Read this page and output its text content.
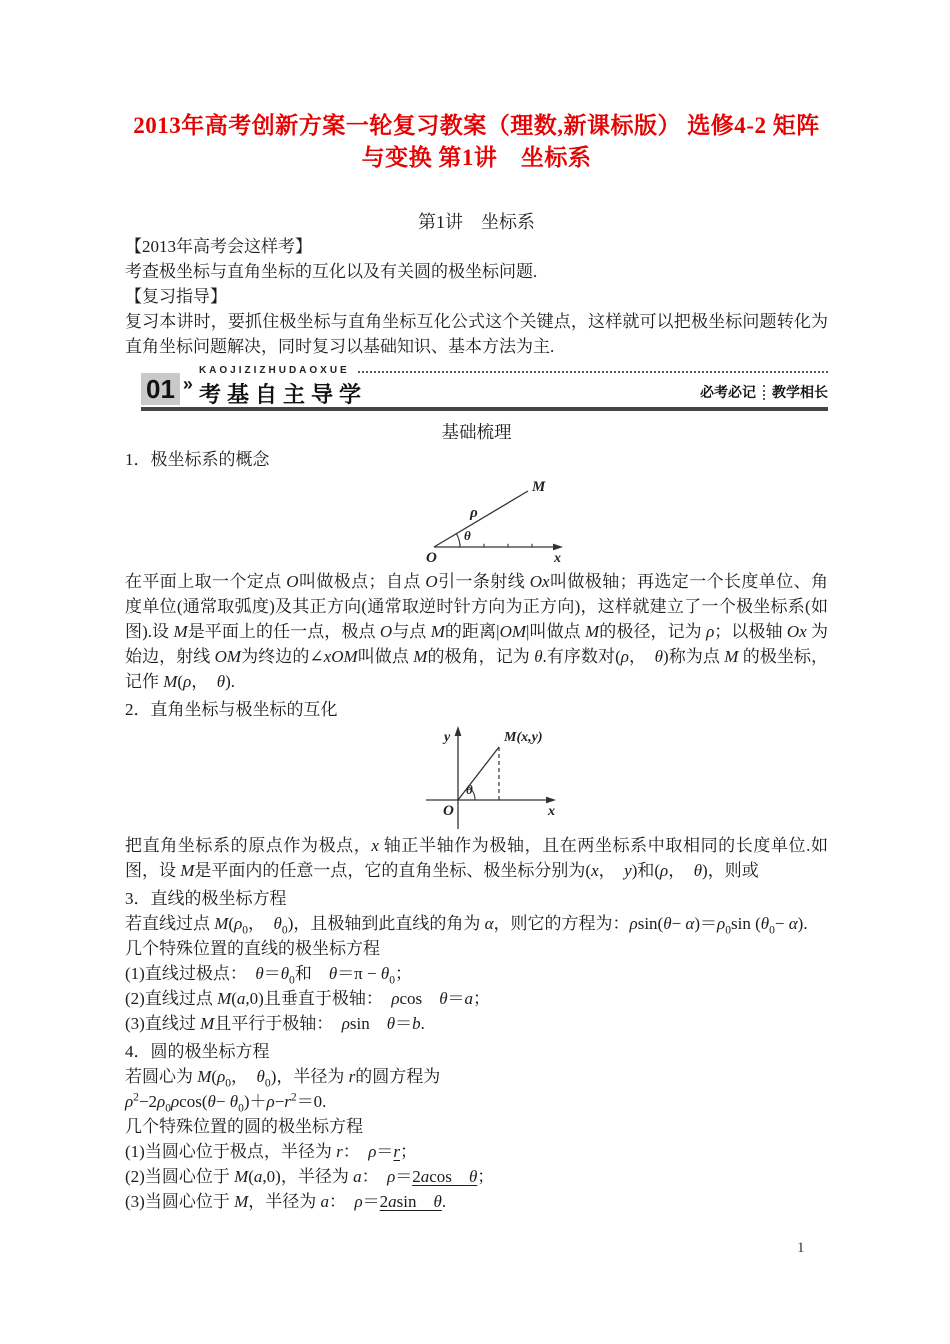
2013年高考创新方案一轮复习教案（理数,新课标版） 选修4-2 矩阵与变换 第1讲　坐标系
第1讲　坐标系
【2013年高考会这样考】
考查极坐标与直角坐标的互化以及有关圆的极坐标问题.
【复习指导】
复习本讲时，要抓住极坐标与直角坐标互化公式这个关键点，这样就可以把极坐标问题转化为直角坐标问题解决，同时复习以基础知识、基本方法为主.
01 »
KAOJIZIZHUDAOXUE
考基自主导学	必考必记 教学相长
基础梳理
1．极坐标系的概念
M
ρ
θ
O	x
在平面上取一个定点 O叫做极点；自点 O引一条射线 Ox叫做极轴；再选定一个长度单位、角度单位(通常取弧度)及其正方向(通常取逆时针方向为正方向)，这样就建立了一个极坐标系(如图).设 M是平面上的任一点，极点 O与点 M的距离|OM|叫做点 M的极径，记为 ρ；以极轴 Ox 为始边，射线 OM为终边的∠xOM叫做点 M的极角，记为 θ.有序数对(ρ，　θ)称为点 M 的极坐标，记作 M(ρ，　θ).
2．直角坐标与极坐标的互化
y	M(x,y)
θ
O	x
把直角坐标系的原点作为极点，x 轴正半轴作为极轴，且在两坐标系中取相同的长度单位.如图，设 M是平面内的任意一点，它的直角坐标、极坐标分别为(x，　y)和(ρ，　θ)，则或
3．直线的极坐标方程
若直线过点 $M(\rho_0$，　$\theta_0$)，且极轴到此直线的角为 α，则它的方程为：$\rho\sin(\theta- \alpha)=\rho_0\sin$ $(\theta_0- \alpha)$.
几个特殊位置的直线的极坐标方程
(1)直线过极点：　$\theta=\theta_0$和　$\theta=\pi - \theta_0$；
(2)直线过点 M(a,0)且垂直于极轴：　ρcos　θ＝a；
(3)直线过 M且平行于极轴：　ρsin　θ＝b.
4．圆的极坐标方程
若圆心为 $M(\rho_0$，　$\theta_0$)，半径为 r的圆方程为
$\rho^2-2\rho_0\rho\cos(\theta- \theta_0)+\rho-r^2=0$.
几个特殊位置的圆的极坐标方程
(1)当圆心位于极点，半径为 r：　ρ＝r；
(2)当圆心位于 M(a,0)，半径为 a：　ρ＝2acos　θ；
(3)当圆心位于 M，半径为 a：　ρ＝2asin　θ.
1
